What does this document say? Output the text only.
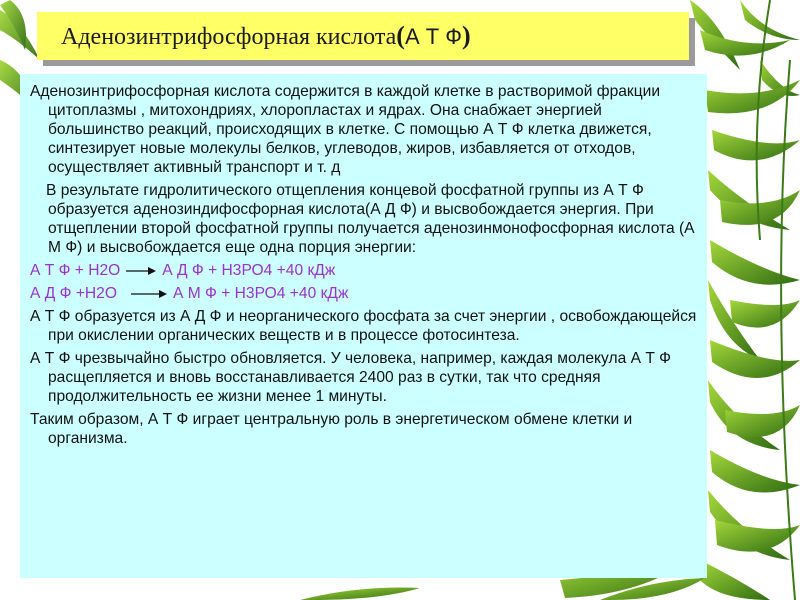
Аденозинтрифосфорная кислота(А Т Ф)

Аденозинтрифосфорная кислота содержится в каждой клетке в растворимой фракции цитоплазмы , митохондриях, хлоропластах и ядрах. Она снабжает энергией большинство реакций, происходящих в клетке. С помощью А Т Ф клетка движется, синтезирует новые молекулы белков, углеводов, жиров, избавляется от отходов, осуществляет активный транспорт и т. д

В результате гидролитического отщепления концевой фосфатной группы из А Т Ф образуется аденозиндифосфорная кислота(А Д Ф) и высвобождается энергия. При отщеплении второй фосфатной группы получается аденозинмонофосфорная кислота (А М Ф) и высвобождается еще одна порция энергии:

А Т Ф + Н2О	А Д Ф + Н3РО4 +40 кДж
А Д Ф +Н2О	А М Ф + Н3РО4 +40 кДж

А Т Ф образуется из А Д Ф и неорганического фосфата за счет энергии , освобождающейся при окислении органических веществ и в процессе фотосинтеза.

А Т Ф чрезвычайно быстро обновляется. У человека, например, каждая молекула А Т Ф расщепляется и вновь восстанавливается 2400 раз в сутки, так что средняя продолжительность ее жизни менее 1 минуты.

Таким образом, А Т Ф играет центральную роль в энергетическом обмене клетки и организма.
